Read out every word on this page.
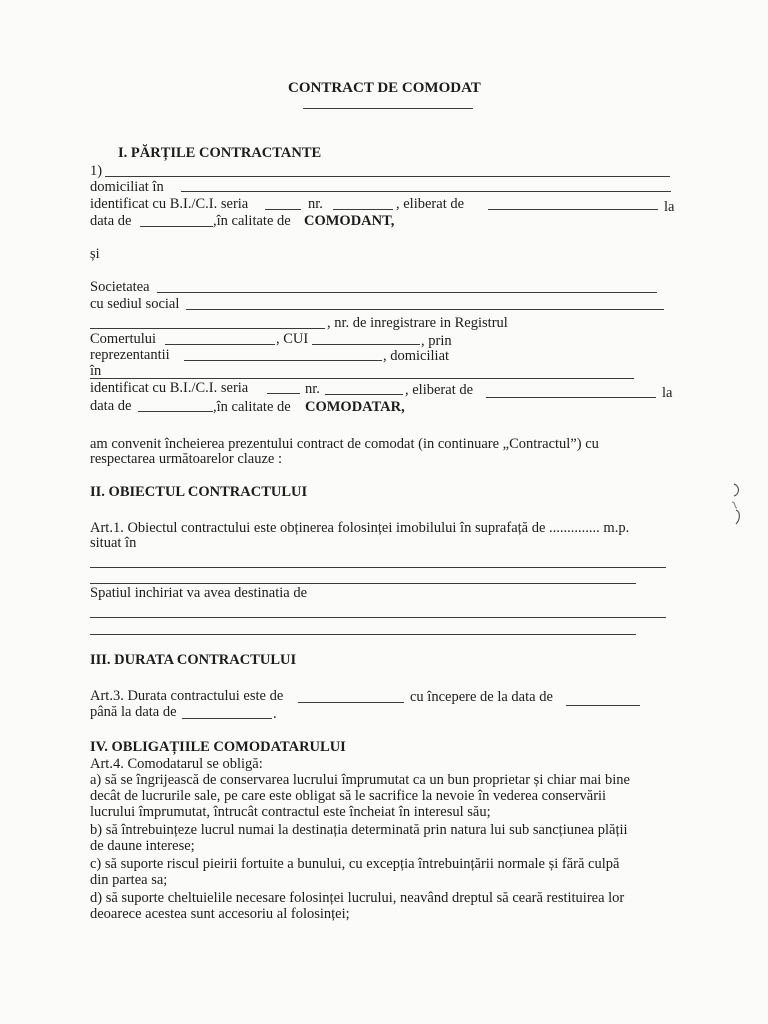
CONTRACT DE COMODAT
I. PĂRȚILE CONTRACTANTE
1)
domiciliat în
identificat cu B.I./C.I. seria	nr.	, eliberat de	la
data de	,în calitate de COMODANT,
și
Societatea
cu sediul social
, nr. de inregistrare in Registrul
Comertului	, CUI	, prin
reprezentantii	, domiciliat
în
identificat cu B.I./C.I. seria	nr.	, eliberat de	la
data de	,în calitate de COMODATAR,
am convenit încheierea prezentului contract de comodat (in continuare „Contractul”) cu
respectarea următoarelor clauze :
II. OBIECTUL CONTRACTULUI
Art.1. Obiectul contractului este obținerea folosinței imobilului în suprafață de .............. m.p.
situat în
Spatiul inchiriat va avea destinatia de
III. DURATA CONTRACTULUI
Art.3. Durata contractului este de	cu începere de la data de
până la data de	.
IV. OBLIGAȚIILE COMODATARULUI
Art.4. Comodatarul se obligă:
a) să se îngrijească de conservarea lucrului împrumutat ca un bun proprietar și chiar mai bine
decât de lucrurile sale, pe care este obligat să le sacrifice la nevoie în vederea conservării
lucrului împrumutat, întrucât contractul este încheiat în interesul său;
b) să întrebuințeze lucrul numai la destinația determinată prin natura lui sub sancțiunea plății
de daune interese;
c) să suporte riscul pieirii fortuite a bunului, cu excepția întrebuințării normale și fără culpă
din partea sa;
d) să suporte cheltuielile necesare folosinței lucrului, neavând dreptul să ceară restituirea lor
deoarece acestea sunt accesoriu al folosinței;
